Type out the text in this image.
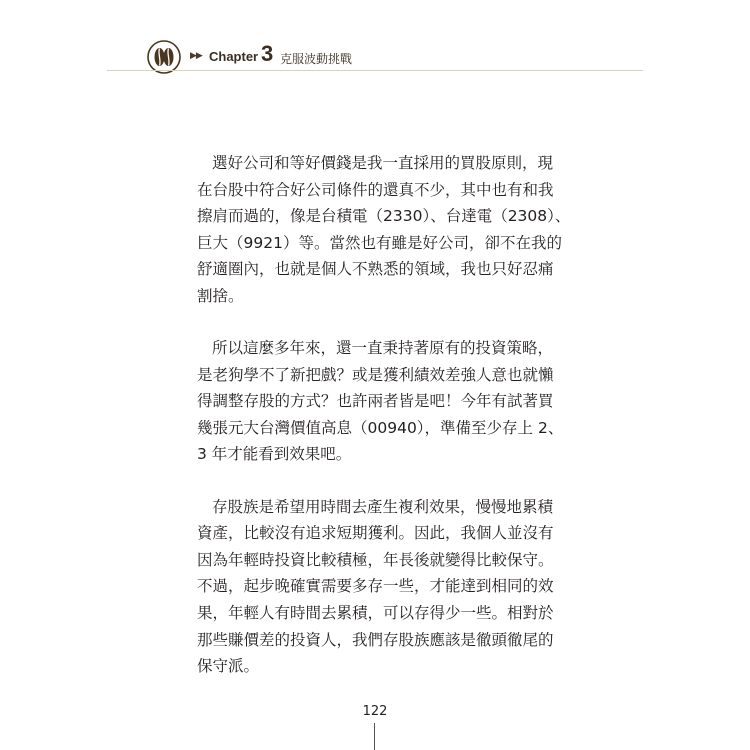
▶▶ Chapter 3 克服波動挑戰

選好公司和等好價錢是我一直採用的買股原則，現
在台股中符合好公司條件的還真不少，其中也有和我
擦肩而過的，像是台積電（2330）、台達電（2308）、
巨大（9921）等。當然也有雖是好公司，卻不在我的
舒適圈內，也就是個人不熟悉的領域，我也只好忍痛
割捨。

所以這麼多年來，還一直秉持著原有的投資策略，
是老狗學不了新把戲？或是獲利績效差強人意也就懶
得調整存股的方式？也許兩者皆是吧！今年有試著買
幾張元大台灣價值高息（00940），準備至少存上 2、
3 年才能看到效果吧。

存股族是希望用時間去產生複利效果，慢慢地累積
資產，比較沒有追求短期獲利。因此，我個人並沒有
因為年輕時投資比較積極，年長後就變得比較保守。
不過，起步晚確實需要多存一些，才能達到相同的效
果，年輕人有時間去累積，可以存得少一些。相對於
那些賺價差的投資人，我們存股族應該是徹頭徹尾的
保守派。

122
